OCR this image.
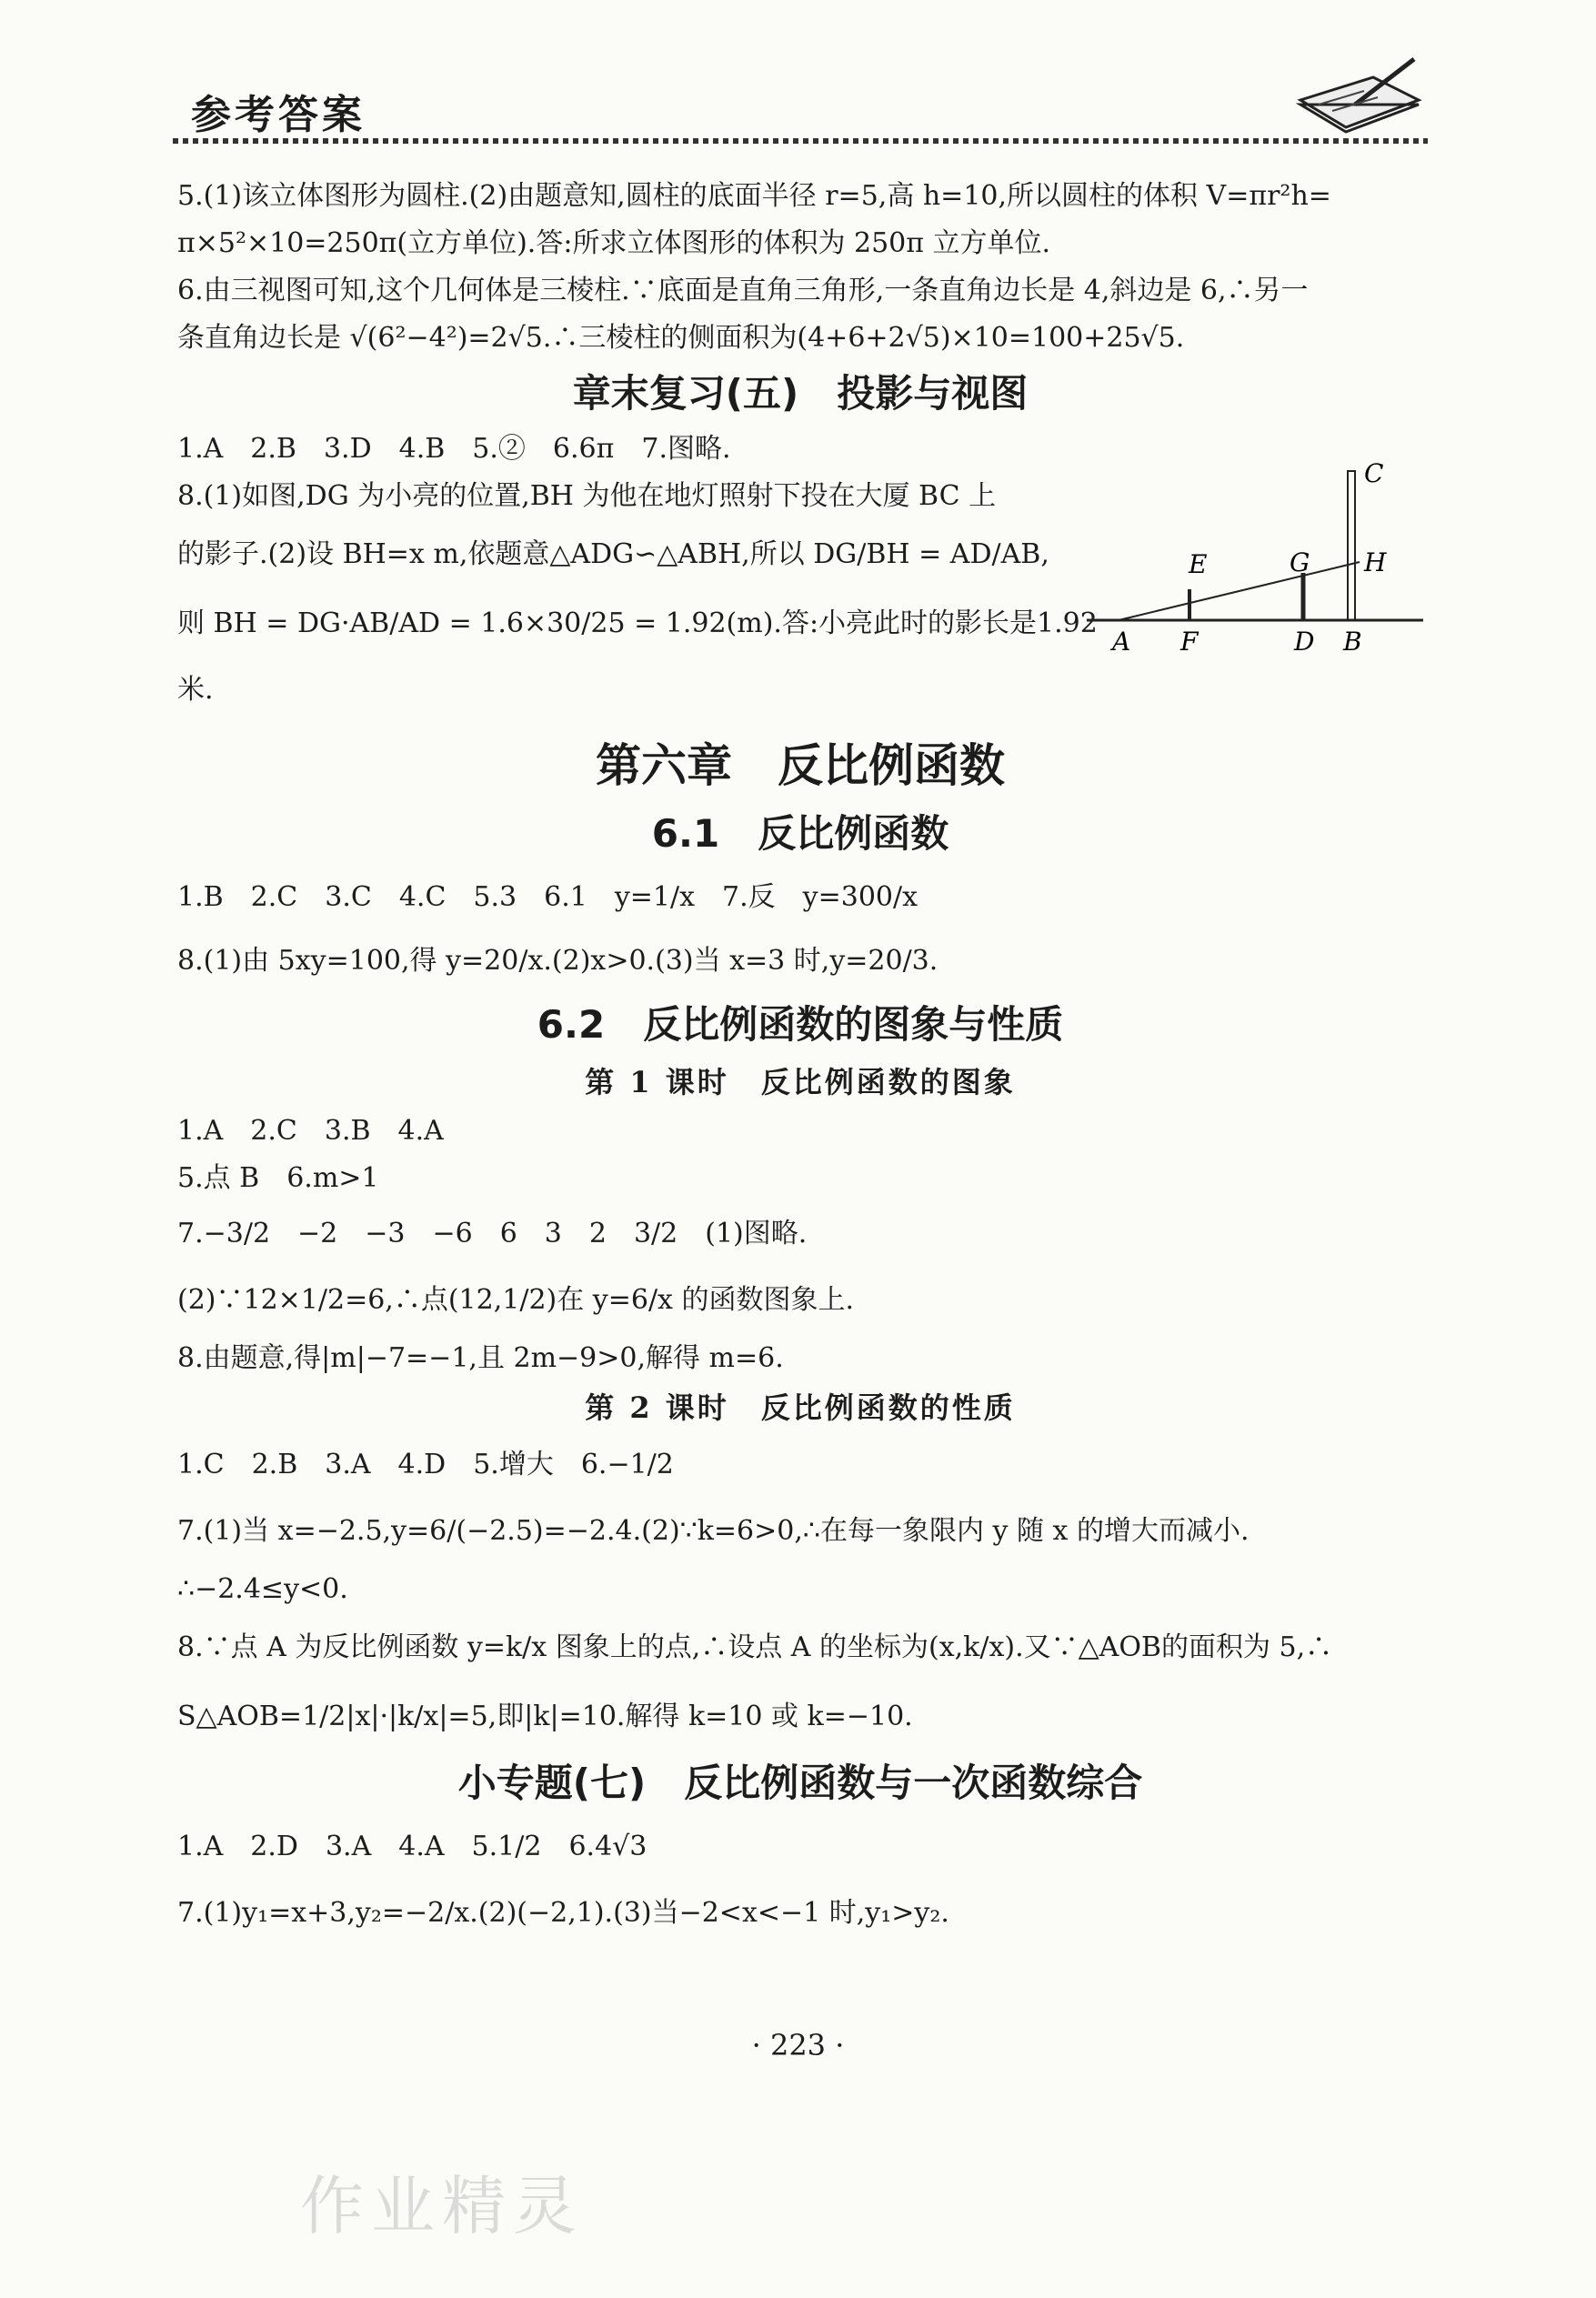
参考答案
5.(1)该立体图形为圆柱.(2)由题意知,圆柱的底面半径 r=5,高 h=10,所以圆柱的体积 V=πr²h=
π×5²×10=250π(立方单位).答:所求立体图形的体积为 250π 立方单位.
6.由三视图可知,这个几何体是三棱柱.∵底面是直角三角形,一条直角边长是 4,斜边是 6,∴另一
条直角边长是 √(6²−4²)=2√5.∴三棱柱的侧面积为(4+6+2√5)×10=100+25√5.
章末复习(五)　投影与视图
1.A　2.B　3.D　4.B　5.②　6.6π　7.图略.
8.(1)如图,DG 为小亮的位置,BH 为他在地灯照射下投在大厦 BC 上
的影子.(2)设 BH=x m,依题意△ADG∽△ABH,所以 DG/BH = AD/AB,
则 BH = DG·AB/AD = 1.6×30/25 = 1.92(m).答:小亮此时的影长是1.92
米.
第六章　反比例函数
6.1　反比例函数
1.B　2.C　3.C　4.C　5.3　6.1　y=1/x　7.反　y=300/x
8.(1)由 5xy=100,得 y=20/x.(2)x>0.(3)当 x=3 时,y=20/3.
6.2　反比例函数的图象与性质
第 1 课时　反比例函数的图象
1.A　2.C　3.B　4.A
5.点 B　6.m>1
7.−3/2　−2　−3　−6　6　3　2　3/2　(1)图略.
(2)∵12×1/2=6,∴点(12,1/2)在 y=6/x 的函数图象上.
8.由题意,得|m|−7=−1,且 2m−9>0,解得 m=6.
第 2 课时　反比例函数的性质
1.C　2.B　3.A　4.D　5.增大　6.−1/2
7.(1)当 x=−2.5,y=6/(−2.5)=−2.4.(2)∵k=6>0,∴在每一象限内 y 随 x 的增大而减小.
∴−2.4≤y<0.
8.∵点 A 为反比例函数 y=k/x 图象上的点,∴设点 A 的坐标为(x,k/x).又∵△AOB的面积为 5,∴
S△AOB=1/2|x|·|k/x|=5,即|k|=10.解得 k=10 或 k=−10.
小专题(七)　反比例函数与一次函数综合
1.A　2.D　3.A　4.A　5.1/2　6.4√3
7.(1)y₁=x+3,y₂=−2/x.(2)(−2,1).(3)当−2<x<−1 时,y₁>y₂.
C
E	G H
A F	D B
· 223 ·
作业精灵
